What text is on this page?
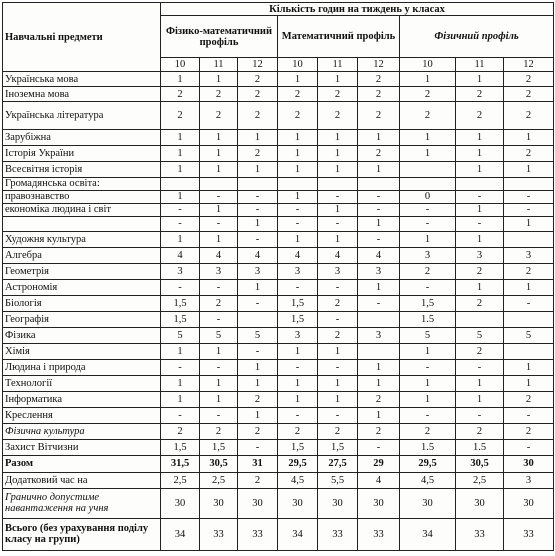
Навчальні предмети	Кількість годин на тиждень у класах								
	Фізико-математичний профіль			Математичний профіль			Фізичний профіль		
	10	11	12	10	11	12	10	11	12
Українська мова	1	1	2	1	1	2	1	1	2
Іноземна мова	2	2	2	2	2	2	2	2	2
Українська література	2	2	2	2	2	2	2	2	2
Зарубіжна	1	1	1	1	1	1	1	1	1
Історія України	1	1	2	1	1	2	1	1	2
Всесвітня історія	1	1	1	1	1	1		1	1
Громадянська освіта:									
правознавство	1	-	-	1	-	-	0	-	-
економіка людина і світ	-	1	-	-	1	-	-	1	-
	-	-	1	-	-	1	-	-	1
Художня культура	1	1	-	1	1	-	1	1	
Алгебра	4	4	4	4	4	4	3	3	3
Геометрія	3	3	3	3	3	3	2	2	2
Астрономія	-	-	1	-	-	1	-	1	1
Біологія	1,5	2	-	1,5	2	-	1,5	2	-
Географія	1,5	-		1,5	-		1.5		
Фізика	5	5	5	3	2	3	5	5	5
Хімія	1	1	-	1	1		1	2	
Людина і природа	-	-	1	-	-	1	-	-	1
Технології	1	1	1	1	1	1	1	1	1
Інформатика	1	1	2	1	1	2	1	1	2
Креслення	-	-	1	-	-	1	-	-	-
Фізична культура	2	2	2	2	2	2	2	2	2
Захист Вітчизни	1,5	1,5	-	1,5	1,5	-	1.5	1.5	-
Разом	31,5	30,5	31	29,5	27,5	29	29,5	30,5	30
Додатковий час на	2,5	2,5	2	4,5	5,5	4	4,5	2,5	3
Гранично допустиме навантаження на учня	30	30	30	30	30	30	30	30	30
Всього (без урахування поділу класу на групи)	34	33	33	34	33	33	34	33	33
